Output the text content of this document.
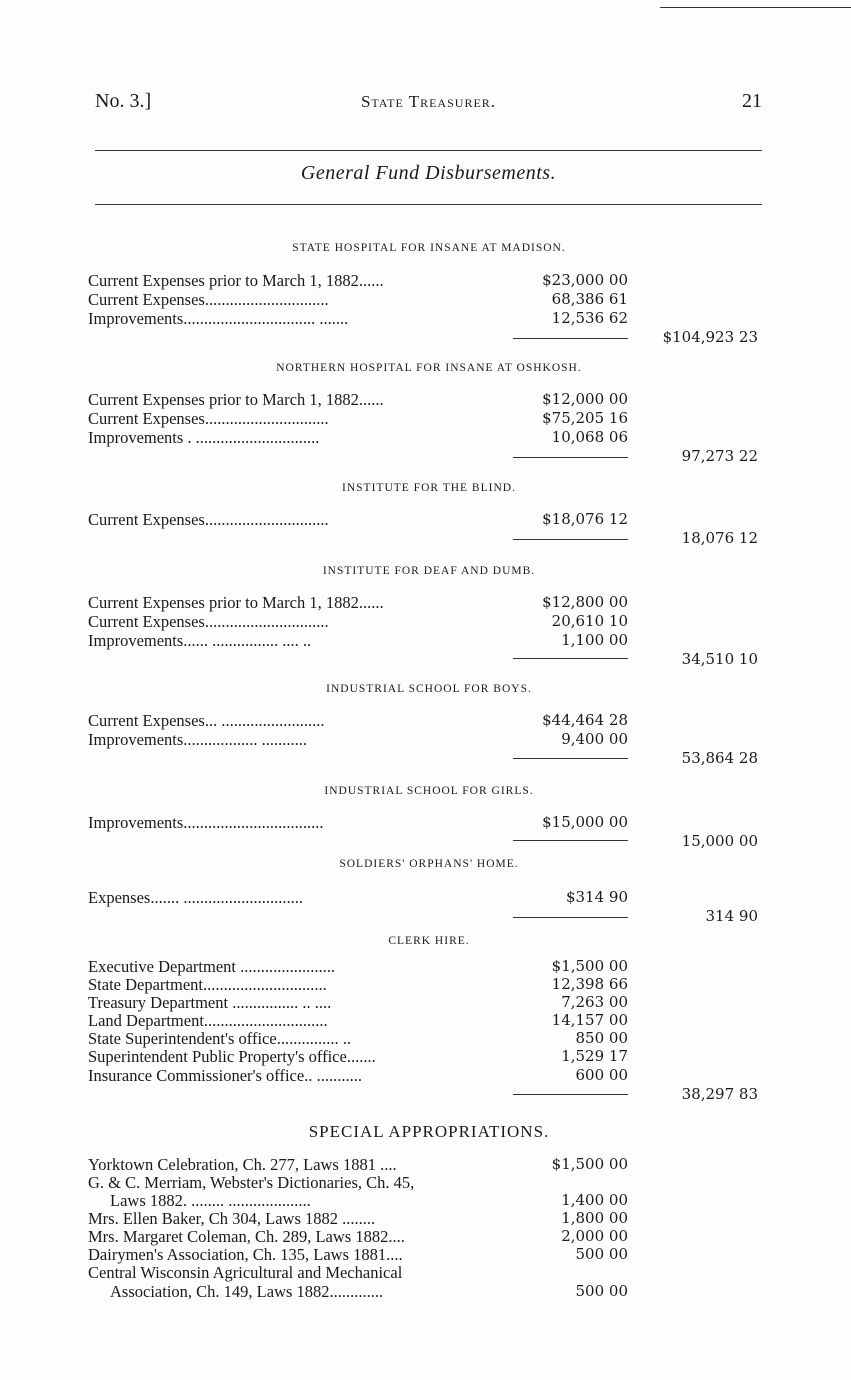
No. 3.]	State Treasurer.	21
General Fund Disbursements.
STATE HOSPITAL FOR INSANE AT MADISON.
Current Expenses prior to March 1, 1882......	$23,000 00
Current Expenses..............................	68,386 61
Improvements................................ .......	12,536 62
$104,923 23
NORTHERN HOSPITAL FOR INSANE AT OSHKOSH.
Current Expenses prior to March 1, 1882......	$12,000 00
Current Expenses..............................	$75,205 16
Improvements . ..............................	10,068 06
97,273 22
INSTITUTE FOR THE BLIND.
Current Expenses..............................	$18,076 12
18,076 12
INSTITUTE FOR DEAF AND DUMB.
Current Expenses prior to March 1, 1882......	$12,800 00
Current Expenses..............................	20,610 10
Improvements...... ................ .... ..	1,100 00
34,510 10
INDUSTRIAL SCHOOL FOR BOYS.
Current Expenses... .........................	$44,464 28
Improvements.................. ...........	9,400 00
53,864 28
INDUSTRIAL SCHOOL FOR GIRLS.
Improvements..................................	$15,000 00
15,000 00
SOLDIERS' ORPHANS' HOME.
Expenses....... .............................	$314 90
314 90
CLERK HIRE.
Executive Department .......................	$1,500 00
State Department..............................	12,398 66
Treasury Department ................ .. ....	7,263 00
Land Department..............................	14,157 00
State Superintendent's office............... ..	850 00
Superintendent Public Property's office.......	1,529 17
Insurance Commissioner's office.. ...........	600 00
38,297 83
SPECIAL APPROPRIATIONS.
Yorktown Celebration, Ch. 277, Laws 1881 ....	$1,500 00
G. & C. Merriam, Webster's Dictionaries, Ch. 45,
Laws 1882. ........ ....................	1,400 00
Mrs. Ellen Baker, Ch 304, Laws 1882 ........	1,800 00
Mrs. Margaret Coleman, Ch. 289, Laws 1882....	2,000 00
Dairymen's Association, Ch. 135, Laws 1881....	500 00
Central Wisconsin Agricultural and Mechanical
Association, Ch. 149, Laws 1882.............	500 00
